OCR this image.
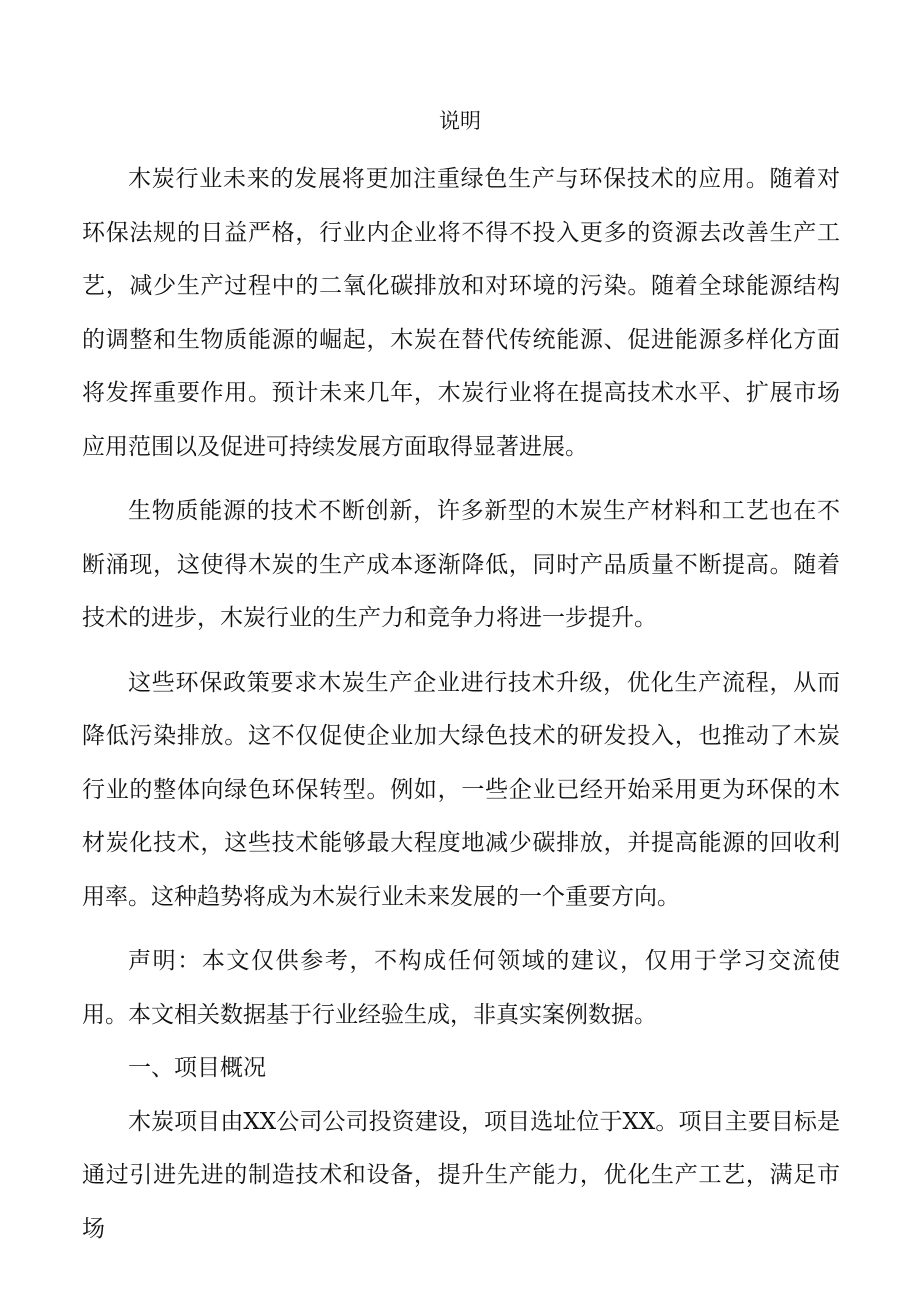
说明

木炭行业未来的发展将更加注重绿色生产与环保技术的应用。随着对环保法规的日益严格，行业内企业将不得不投入更多的资源去改善生产工艺，减少生产过程中的二氧化碳排放和对环境的污染。随着全球能源结构的调整和生物质能源的崛起，木炭在替代传统能源、促进能源多样化方面将发挥重要作用。预计未来几年，木炭行业将在提高技术水平、扩展市场应用范围以及促进可持续发展方面取得显著进展。

生物质能源的技术不断创新，许多新型的木炭生产材料和工艺也在不断涌现，这使得木炭的生产成本逐渐降低，同时产品质量不断提高。随着技术的进步，木炭行业的生产力和竞争力将进一步提升。

这些环保政策要求木炭生产企业进行技术升级，优化生产流程，从而降低污染排放。这不仅促使企业加大绿色技术的研发投入，也推动了木炭行业的整体向绿色环保转型。例如，一些企业已经开始采用更为环保的木材炭化技术，这些技术能够最大程度地减少碳排放，并提高能源的回收利用率。这种趋势将成为木炭行业未来发展的一个重要方向。

声明：本文仅供参考，不构成任何领域的建议，仅用于学习交流使用。本文相关数据基于行业经验生成，非真实案例数据。

一、项目概况

木炭项目由XX公司公司投资建设，项目选址位于XX。项目主要目标是通过引进先进的制造技术和设备，提升生产能力，优化生产工艺，满足市场
